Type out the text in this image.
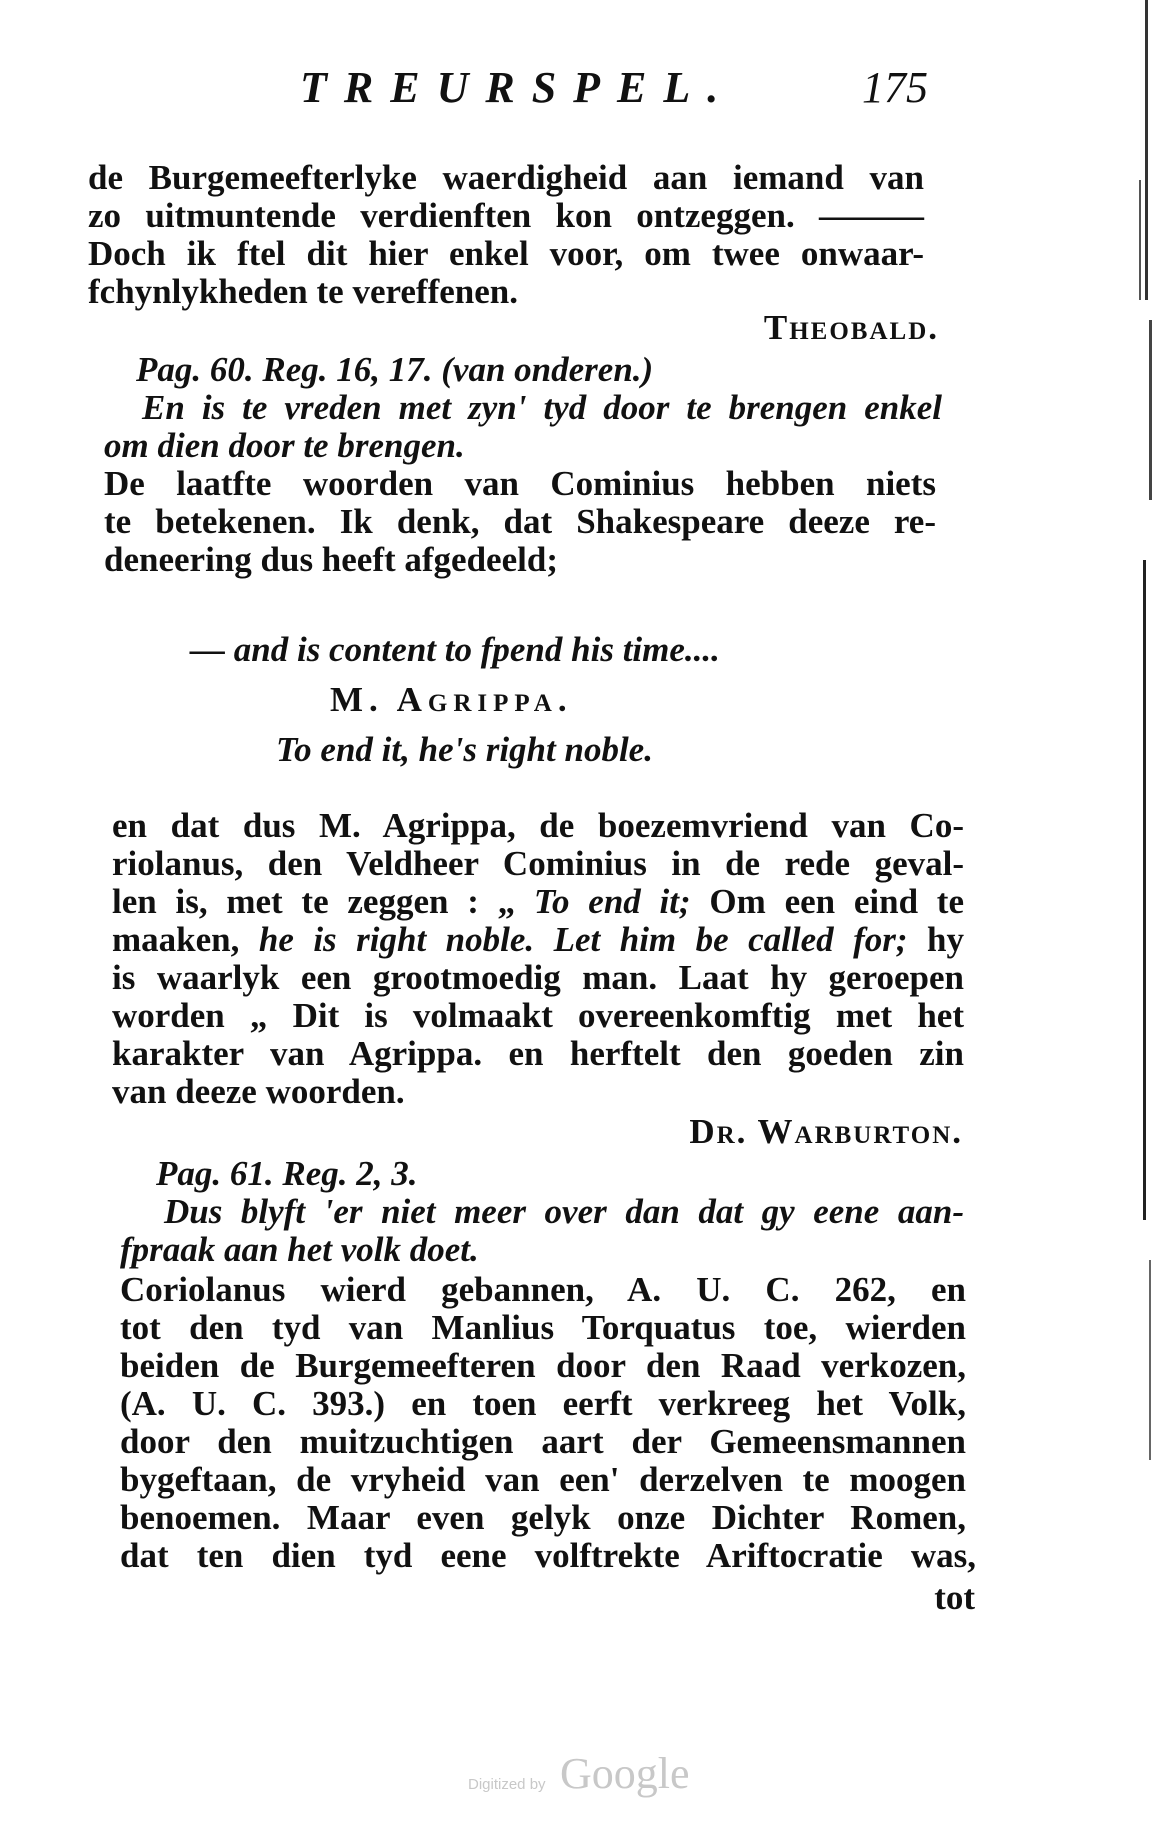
TREURSPEL.	175
de Burgemeefterlyke waerdigheid aan iemand van
zo uitmuntende verdienften kon ontzeggen. ———
Doch ik ftel dit hier enkel voor, om twee onwaar-
fchynlykheden te vereffenen.
Theobald.
Pag. 60. Reg. 16, 17. (van onderen.)
En is te vreden met zyn' tyd door te brengen enkel
om dien door te brengen.
De laatfte woorden van Cominius hebben niets
te betekenen. Ik denk, dat Shakespeare deeze re-
deneering dus heeft afgedeeld;
— and is content to fpend his time....
M. Agrippa.
To end it, he's right noble.
en dat dus M. Agrippa, de boezemvriend van Co-
riolanus, den Veldheer Cominius in de rede geval-
len is, met te zeggen : „ To end it; Om een eind te
maaken, he is right noble. Let him be called for; hy
is waarlyk een grootmoedig man. Laat hy geroepen
worden „ Dit is volmaakt overeenkomftig met het
karakter van Agrippa. en herftelt den goeden zin
van deeze woorden.
Dr. Warburton.
Pag. 61. Reg. 2, 3.
Dus blyft 'er niet meer over dan dat gy eene aan-
fpraak aan het volk doet.
Coriolanus wierd gebannen, A. U. C. 262, en
tot den tyd van Manlius Torquatus toe, wierden
beiden de Burgemeefteren door den Raad verkozen,
(A. U. C. 393.) en toen eerft verkreeg het Volk,
door den muitzuchtigen aart der Gemeensmannen
bygeftaan, de vryheid van een' derzelven te moogen
benoemen. Maar even gelyk onze Dichter Romen,
dat ten dien tyd eene volftrekte Ariftocratie was,
tot
Digitized by Google
